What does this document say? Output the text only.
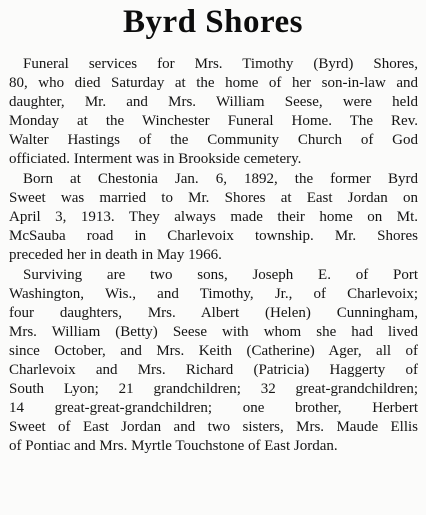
Byrd Shores
Funeral services for Mrs. Timothy (Byrd) Shores,
80, who died Saturday at the home of her son-in-law and
daughter, Mr. and Mrs. William Seese, were held
Monday at the Winchester Funeral Home. The Rev.
Walter Hastings of the Community Church of God
officiated. Interment was in Brookside cemetery.
Born at Chestonia Jan. 6, 1892, the former Byrd
Sweet was married to Mr. Shores at East Jordan on
April 3, 1913. They always made their home on Mt.
McSauba road in Charlevoix township. Mr. Shores
preceded her in death in May 1966.
Surviving are two sons, Joseph E. of Port
Washington, Wis., and Timothy, Jr., of Charlevoix;
four daughters, Mrs. Albert (Helen) Cunningham,
Mrs. William (Betty) Seese with whom she had lived
since October, and Mrs. Keith (Catherine) Ager, all of
Charlevoix and Mrs. Richard (Patricia) Haggerty of
South Lyon; 21 grandchildren; 32 great-grandchildren;
14 great-great-grandchildren; one brother, Herbert
Sweet of East Jordan and two sisters, Mrs. Maude Ellis
of Pontiac and Mrs. Myrtle Touchstone of East Jordan.
